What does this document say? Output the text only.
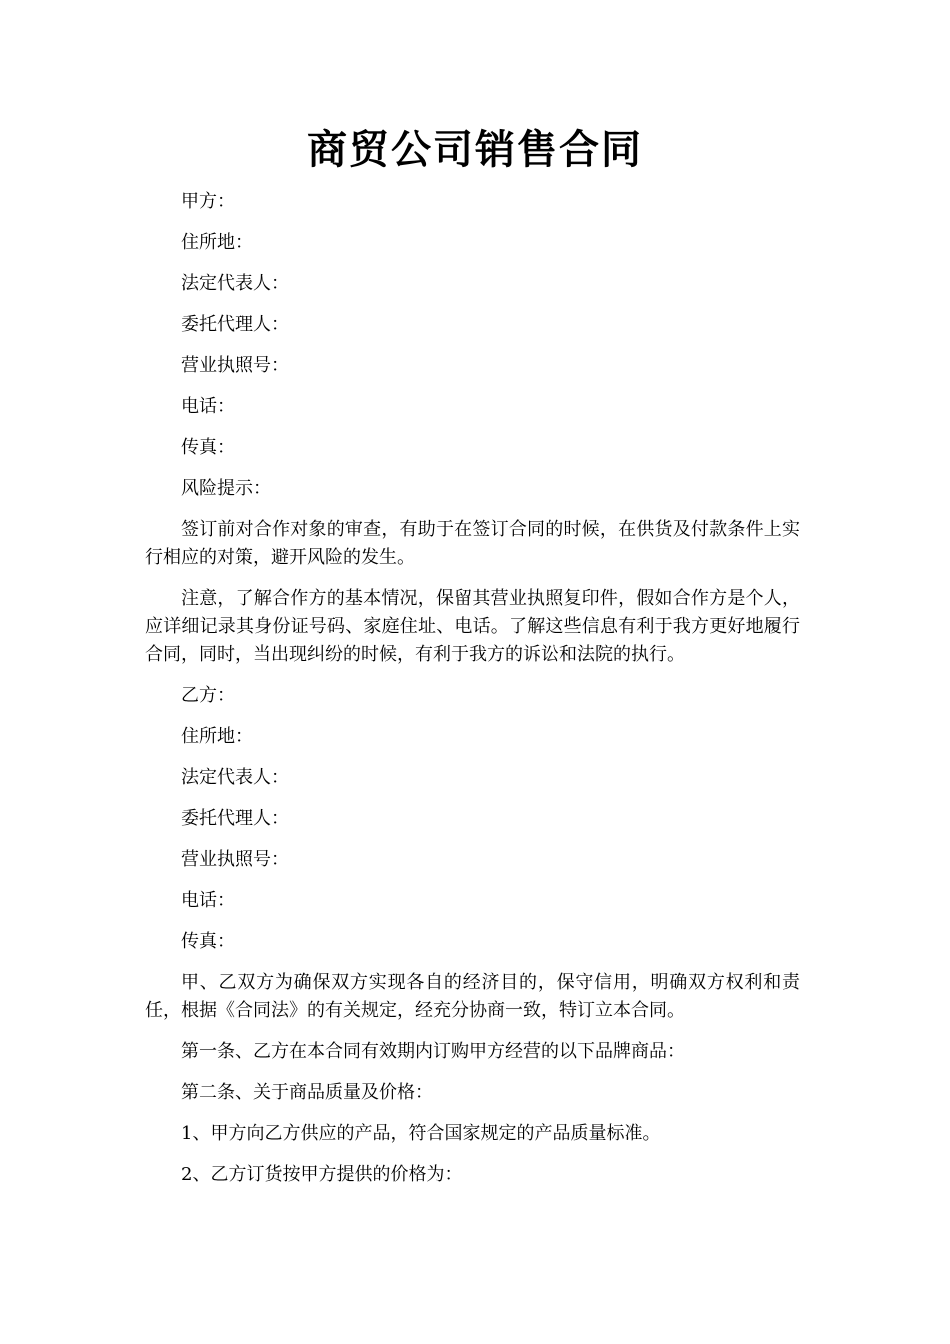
商贸公司销售合同

甲方：

住所地：

法定代表人：

委托代理人：

营业执照号：

电话：

传真：

风险提示：

签订前对合作对象的审查，有助于在签订合同的时候，在供货及付款条件上实行相应的对策，避开风险的发生。

注意，了解合作方的基本情况，保留其营业执照复印件，假如合作方是个人，应详细记录其身份证号码、家庭住址、电话。了解这些信息有利于我方更好地履行合同，同时，当出现纠纷的时候，有利于我方的诉讼和法院的执行。

乙方：

住所地：

法定代表人：

委托代理人：

营业执照号：

电话：

传真：

甲、乙双方为确保双方实现各自的经济目的，保守信用，明确双方权利和责任，根据《合同法》的有关规定，经充分协商一致，特订立本合同。

第一条、乙方在本合同有效期内订购甲方经营的以下品牌商品：

第二条、关于商品质量及价格：

1、甲方向乙方供应的产品，符合国家规定的产品质量标准。

2、乙方订货按甲方提供的价格为：
